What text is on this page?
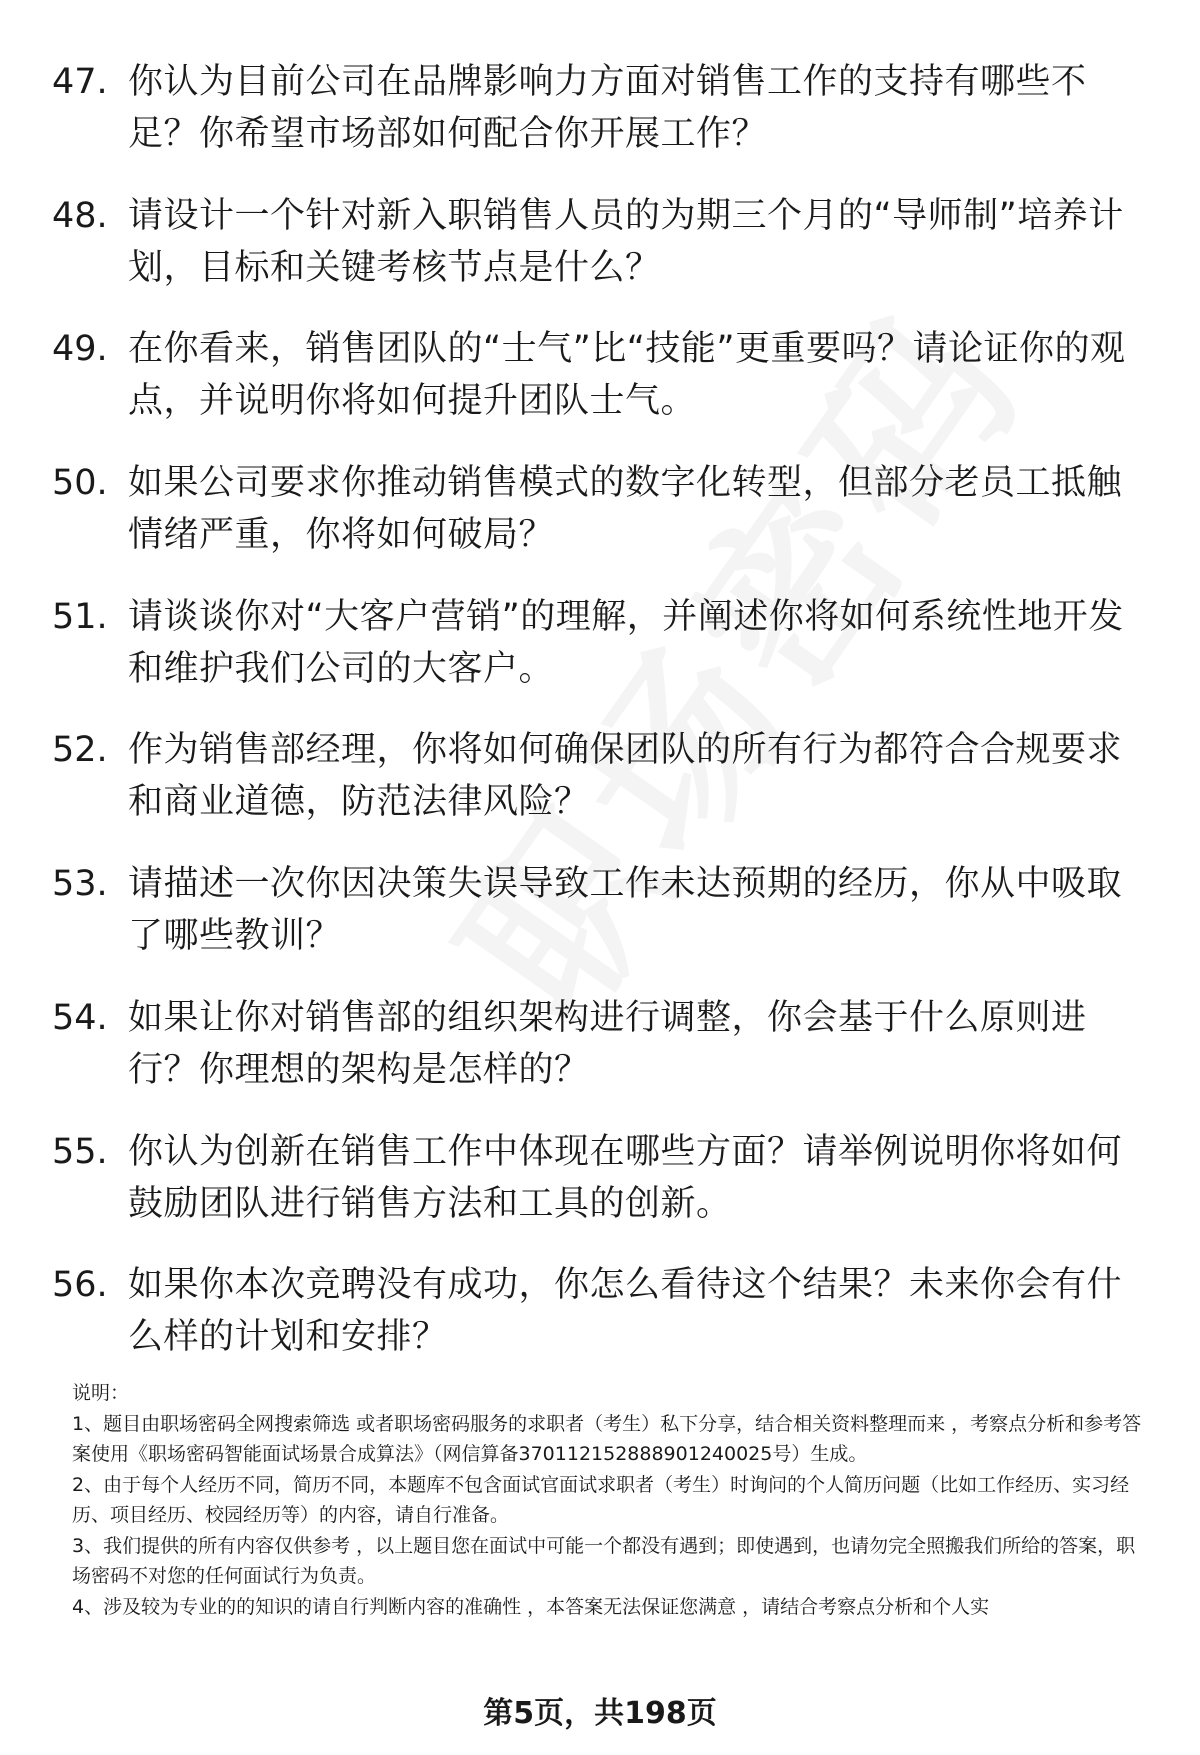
47. 你认为目前公司在品牌影响力方面对销售工作的支持有哪些不足？你希望市场部如何配合你开展工作？
48. 请设计一个针对新入职销售人员的为期三个月的“导师制”培养计划，目标和关键考核节点是什么？
49. 在你看来，销售团队的“士气”比“技能”更重要吗？请论证你的观点，并说明你将如何提升团队士气。
50. 如果公司要求你推动销售模式的数字化转型，但部分老员工抵触情绪严重，你将如何破局？
51. 请谈谈你对“大客户营销”的理解，并阐述你将如何系统性地开发和维护我们公司的大客户。
52. 作为销售部经理，你将如何确保团队的所有行为都符合合规要求和商业道德，防范法律风险？
53. 请描述一次你因决策失误导致工作未达预期的经历，你从中吸取了哪些教训？
54. 如果让你对销售部的组织架构进行调整，你会基于什么原则进行？你理想的架构是怎样的？
55. 你认为创新在销售工作中体现在哪些方面？请举例说明你将如何鼓励团队进行销售方法和工具的创新。
56. 如果你本次竞聘没有成功，你怎么看待这个结果？未来你会有什么样的计划和安排？

说明：

1、题目由职场密码全网搜索筛选 或者职场密码服务的求职者（考生）私下分享，结合相关资料整理而来 ，考察点分析和参考答案使用《职场密码智能面试场景合成算法》（网信算备370112152888901240025号）生成。

2、由于每个人经历不同，简历不同，本题库不包含面试官面试求职者（考生）时询问的个人简历问题（比如工作经历、实习经历、项目经历、校园经历等）的内容，请自行准备。

3、我们提供的所有内容仅供参考 ，以上题目您在面试中可能一个都没有遇到；即使遇到，也请勿完全照搬我们所给的答案，职场密码不对您的任何面试行为负责。

4、涉及较为专业的的知识的请自行判断内容的准确性 ，本答案无法保证您满意 ，请结合考察点分析和个人实

第5页，共198页
